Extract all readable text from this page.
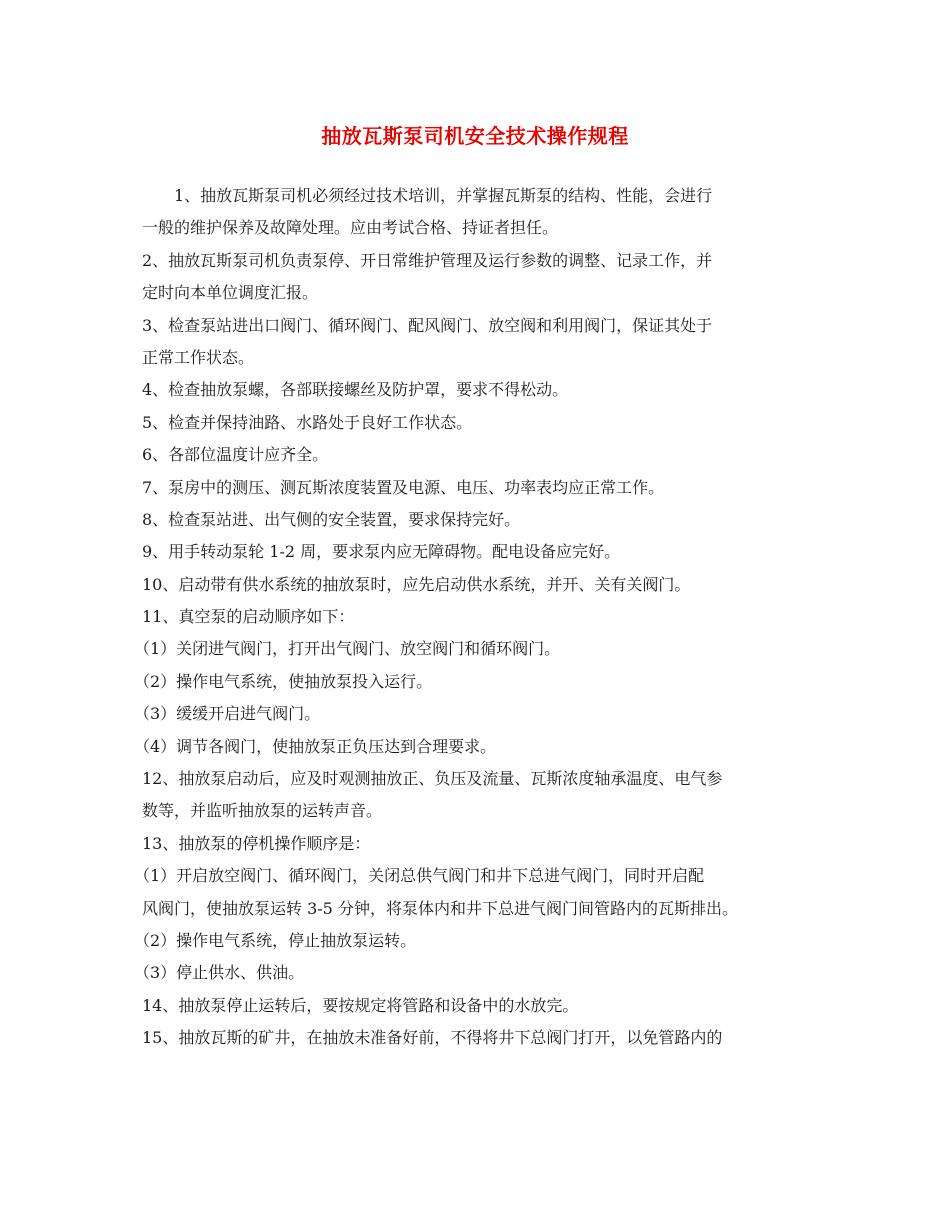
抽放瓦斯泵司机安全技术操作规程
1、抽放瓦斯泵司机必须经过技术培训，并掌握瓦斯泵的结构、性能，会进行
一般的维护保养及故障处理。应由考试合格、持证者担任。
2、抽放瓦斯泵司机负责泵停、开日常维护管理及运行参数的调整、记录工作，并
定时向本单位调度汇报。
3、检查泵站进出口阀门、循环阀门、配风阀门、放空阀和利用阀门，保证其处于
正常工作状态。
4、检查抽放泵螺，各部联接螺丝及防护罩，要求不得松动。
5、检查并保持油路、水路处于良好工作状态。
6、各部位温度计应齐全。
7、泵房中的测压、测瓦斯浓度装置及电源、电压、功率表均应正常工作。
8、检查泵站进、出气侧的安全装置，要求保持完好。
9、用手转动泵轮 1-2 周，要求泵内应无障碍物。配电设备应完好。
10、启动带有供水系统的抽放泵时，应先启动供水系统，并开、关有关阀门。
11、真空泵的启动顺序如下：
（1）关闭进气阀门，打开出气阀门、放空阀门和循环阀门。
（2）操作电气系统，使抽放泵投入运行。
（3）缓缓开启进气阀门。
（4）调节各阀门，使抽放泵正负压达到合理要求。
12、抽放泵启动后，应及时观测抽放正、负压及流量、瓦斯浓度轴承温度、电气参
数等，并监听抽放泵的运转声音。
13、抽放泵的停机操作顺序是：
（1）开启放空阀门、循环阀门，关闭总供气阀门和井下总进气阀门，同时开启配
风阀门，使抽放泵运转 3-5 分钟，将泵体内和井下总进气阀门间管路内的瓦斯排出。
（2）操作电气系统，停止抽放泵运转。
（3）停止供水、供油。
14、抽放泵停止运转后，要按规定将管路和设备中的水放完。
15、抽放瓦斯的矿井，在抽放未准备好前，不得将井下总阀门打开，以免管路内的
